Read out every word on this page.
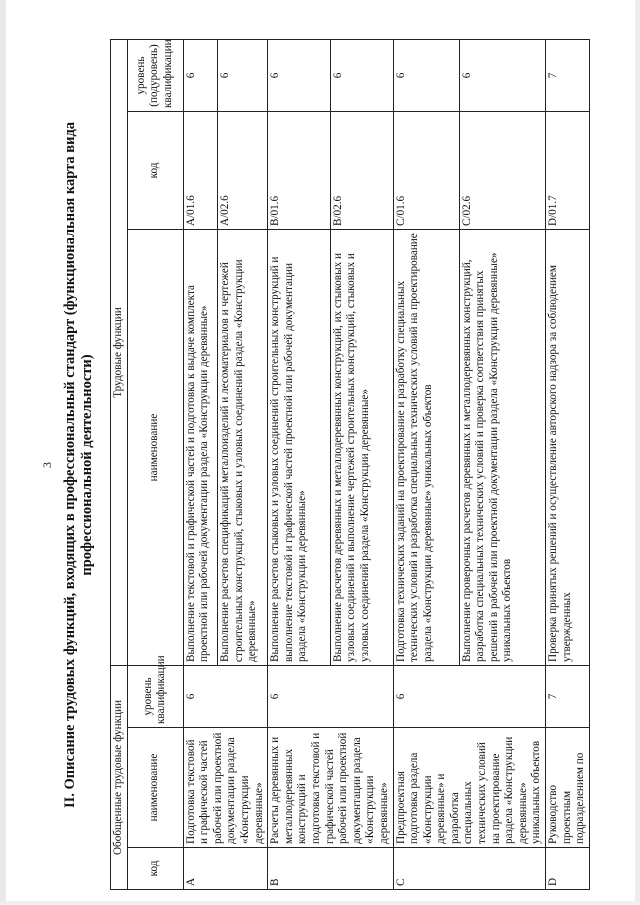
3 II. Описание трудовых функций, входящих в профессиональный стандарт (функциональная карта вида профессиональной деятельности)
Обобщенные трудовые функции			Трудовые функции		
код	наименование	уровень квалификации	наименование	код	уровень (подуровень) квалификации
A	Подготовка текстовой и графической частей рабочей или проектной документации раздела «Конструкции деревянные»	6	Выполнение текстовой и графической частей и подготовка к выдаче комплекта проектной или рабочей документации раздела «Конструкции деревянные»	A/01.6	6
			Выполнение расчетов спецификаций металлоизделий и лесоматериалов и чертежей строительных конструкций, стыковых и узловых соединений раздела «Конструкции деревянные»	A/02.6	6
B	Расчеты деревянных и металлодеревянных конструкций и подготовка текстовой и графической частей рабочей или проектной документации раздела «Конструкции деревянные»	6	Выполнение расчетов стыковых и узловых соединений строительных конструкций и выполнение текстовой и графической частей проектной или рабочей документации раздела «Конструкции деревянные»	B/01.6	6
			Выполнение расчетов деревянных и металлодеревянных конструкций, их стыковых и узловых соединений и выполнение чертежей строительных конструкций, стыковых и узловых соединений раздела «Конструкции деревянные»	B/02.6	6
C	Предпроектная подготовка раздела «Конструкции деревянные» и разработка специальных технических условий на проектирование раздела «Конструкции деревянные» уникальных объектов	6	Подготовка технических заданий на проектирование и разработку специальных технических условий и разработка специальных технических условий на проектирование раздела «Конструкции деревянные» уникальных объектов	C/01.6	6
			Выполнение проверочных расчетов деревянных и металлодеревянных конструкций, разработка специальных технических условий и проверка соответствия принятых решений в рабочей или проектной документации раздела «Конструкции деревянные» уникальных объектов	C/02.6	6
D	Руководство проектным подразделением по	7	Проверка принятых решений и осуществление авторского надзора за соблюдением утвержденных	D/01.7	7
